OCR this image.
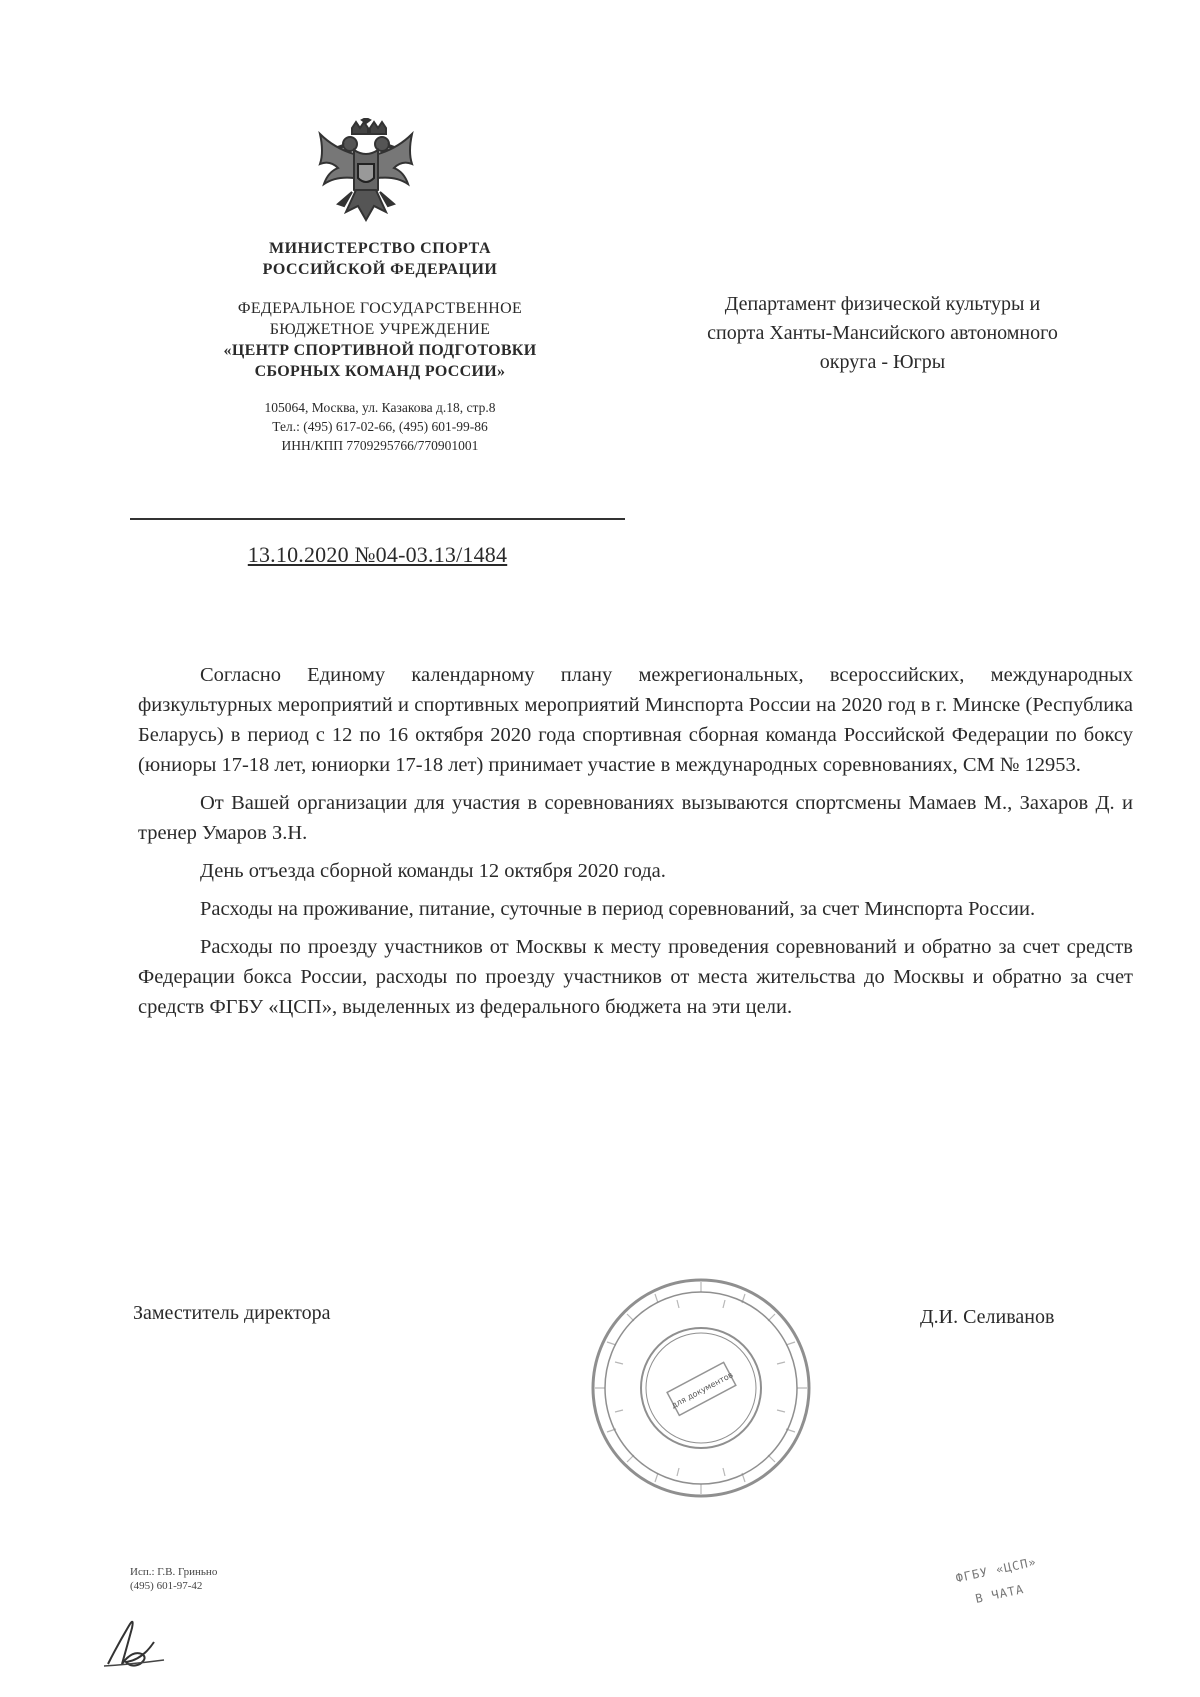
МИНИСТЕРСТВО СПОРТА
РОССИЙСКОЙ ФЕДЕРАЦИИ
ФЕДЕРАЛЬНОЕ ГОСУДАРСТВЕННОЕ
БЮДЖЕТНОЕ УЧРЕЖДЕНИЕ
«ЦЕНТР СПОРТИВНОЙ ПОДГОТОВКИ
СБОРНЫХ КОМАНД РОССИИ»
105064, Москва, ул. Казакова д.18, стр.8
Тел.: (495) 617-02-66, (495) 601-99-86
ИНН/КПП 7709295766/770901001
13.10.2020 №04-03.13/1484
Департамент физической культуры и
спорта Ханты-Мансийского автономного
округа - Югры

Согласно Единому календарному плану межрегиональных, всероссийских, международных физкультурных мероприятий и спортивных мероприятий Минспорта России на 2020 год в г. Минске (Республика Беларусь) в период с 12 по 16 октября 2020 года спортивная сборная команда Российской Федерации по боксу (юниоры 17-18 лет, юниорки 17-18 лет) принимает участие в международных соревнованиях, СМ № 12953.

От Вашей организации для участия в соревнованиях вызываются спортсмены Мамаев М., Захаров Д. и тренер Умаров З.Н.

День отъезда сборной команды 12 октября 2020 года.

Расходы на проживание, питание, суточные в период соревнований, за счет Минспорта России.

Расходы по проезду участников от Москвы к месту проведения соревнований и обратно за счет средств Федерации бокса России, расходы по проезду участников от места жительства до Москвы и обратно за счет средств ФГБУ «ЦСП», выделенных из федерального бюджета на эти цели.

Заместитель директора	Д.И. Селиванов
для документов
Исп.: Г.В. Гриньно
(495) 601-97-42
ФГБУ «ЦСП»
В ЧАТА
